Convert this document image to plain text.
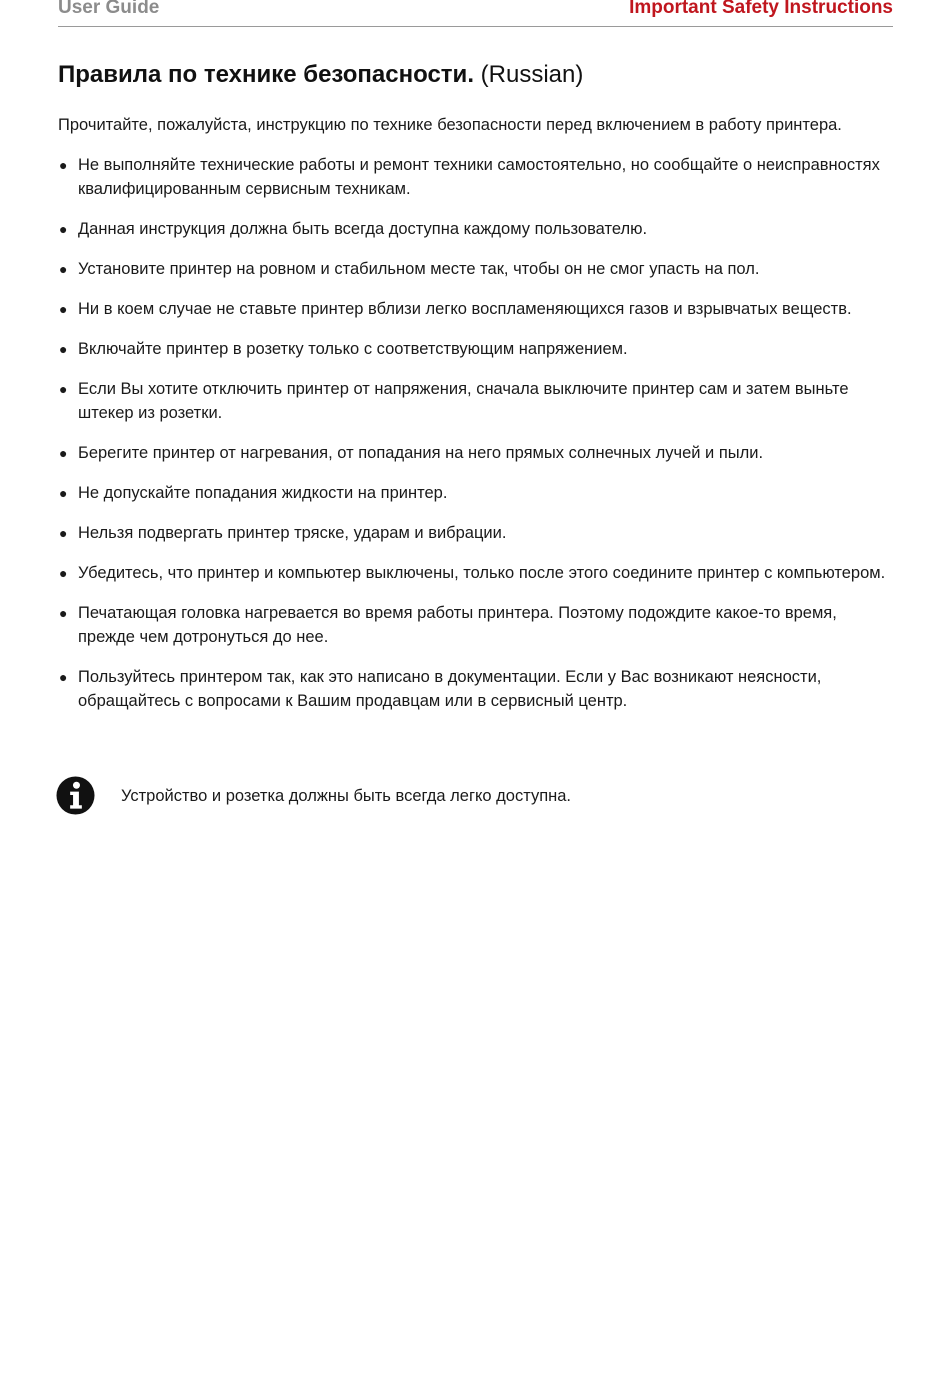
User Guide	Important Safety Instructions
Правила по технике безопасности. (Russian)
Прочитайте, пожалуйста, инструкцию по технике безопасности перед включением в работу принтера.
● Не выполняйте технические работы и ремонт техники самостоятельно, но сообщайте о неисправностях квалифицированным сервисным техникам.
● Данная инструкция должна быть всегда доступна каждому пользователю.
● Установите принтер на ровном и стабильном месте так, чтобы он не смог упасть на пол.
● Ни в коем случае не ставьте принтер вблизи легко воспламеняющихся газов и взрывчатых веществ.
● Включайте принтер в розетку только с соответствующим напряжением.
● Если Вы хотите отключить принтер от напряжения, сначала выключите принтер сам и затем выньте штекер из розетки.
● Берегите принтер от нагревания, от попадания на него прямых солнечных лучей и пыли.
● Не допускайте попадания жидкости на принтер.
● Нельзя подвергать принтер тряске, ударам и вибрации.
● Убедитесь, что принтер и компьютер выключены, только после этого соедините принтер с компьютером.
● Печатающая головка нагревается во время работы принтера. Поэтому подождите какое-то время, прежде чем дотронуться до нее.
● Пользуйтесь принтером так, как это написано в документации. Если у Вас возникают неясности, обращайтесь с вопросами к Вашим продавцам или в сервисный центр.
Устройство и розетка должны быть всегда легко доступна.
